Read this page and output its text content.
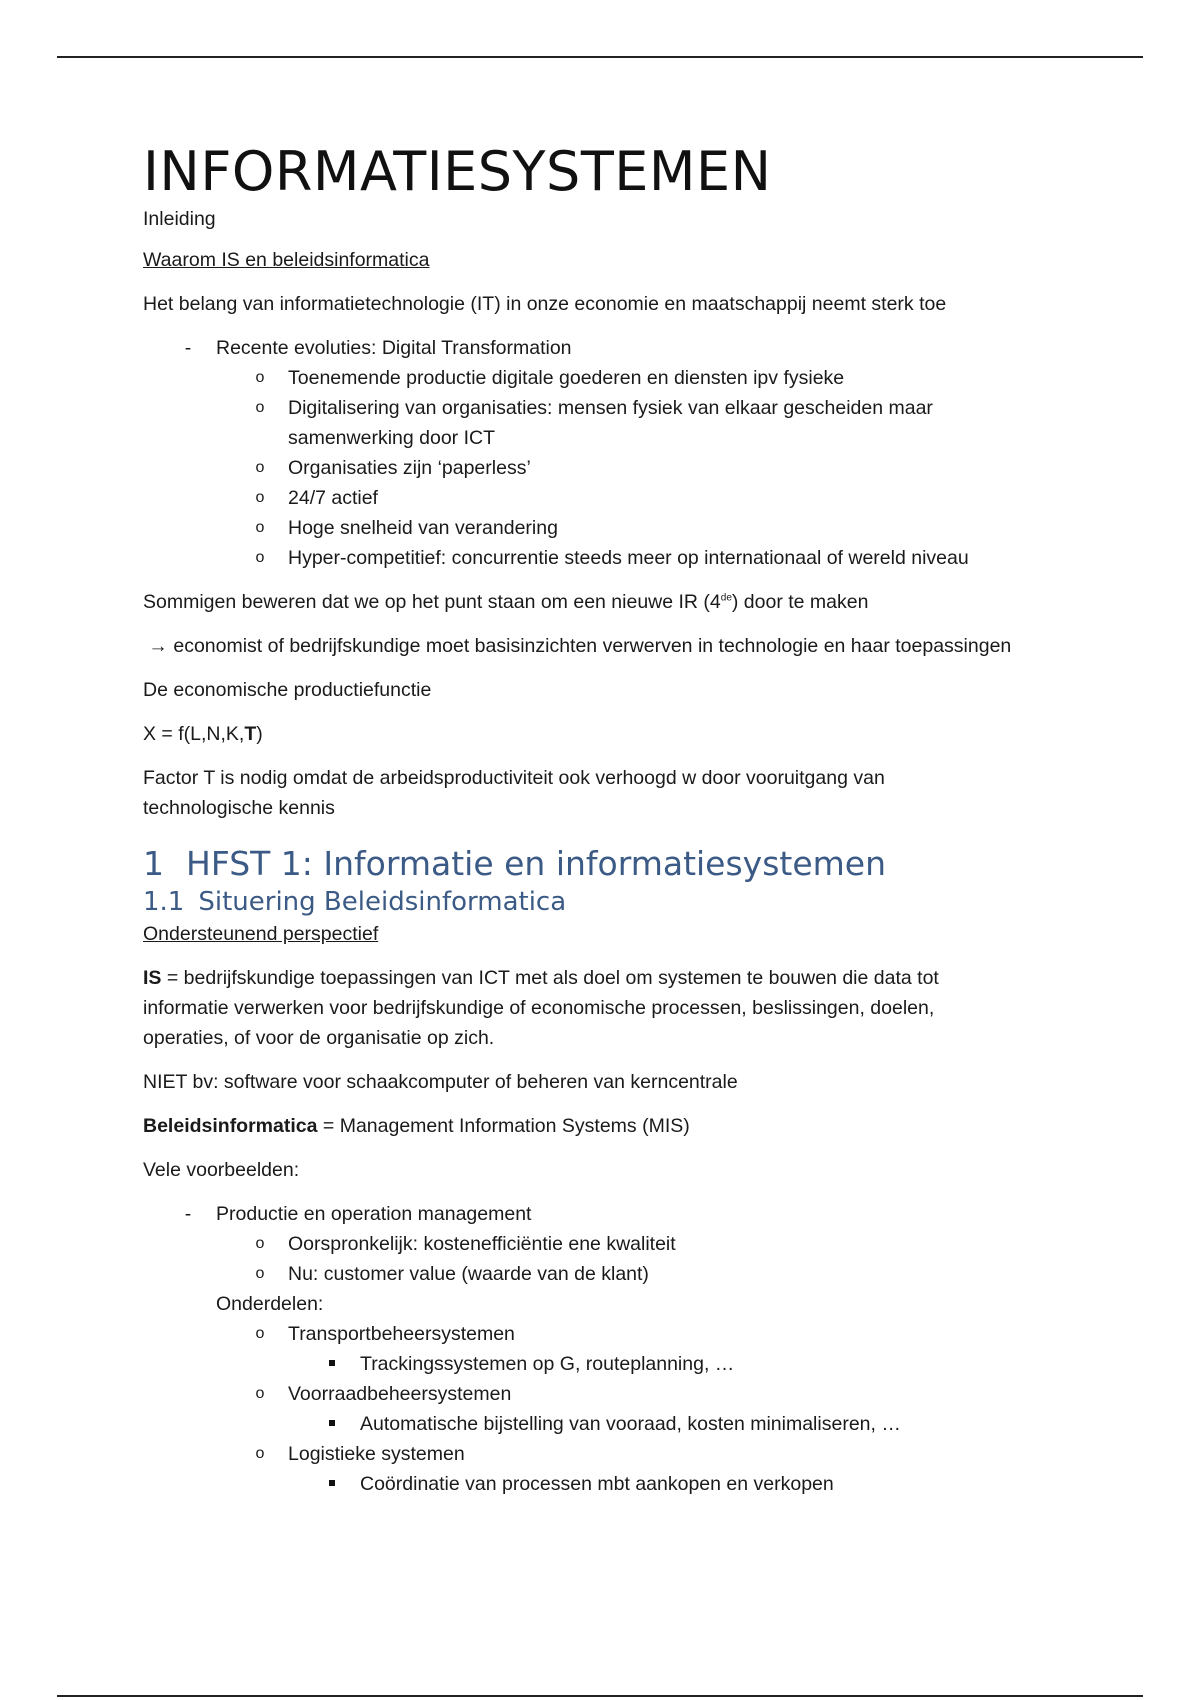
INFORMATIESYSTEMEN

Inleiding

Waarom IS en beleidsinformatica

Het belang van informatietechnologie (IT) in onze economie en maatschappij neemt sterk toe

-	Recente evoluties: Digital Transformation
o Toenemende productie digitale goederen en diensten ipv fysieke
o Digitalisering van organisaties: mensen fysiek van elkaar gescheiden maar samenwerking door ICT
o Organisaties zijn ‘paperless’
o 24/7 actief
o Hoge snelheid van verandering
o Hyper-competitief: concurrentie steeds meer op internationaal of wereld niveau

Sommigen beweren dat we op het punt staan om een nieuwe IR (4de) door te maken

→ economist of bedrijfskundige moet basisinzichten verwerven in technologie en haar toepassingen

De economische productiefunctie

X = f(L,N,K,T)

Factor T is nodig omdat de arbeidsproductiviteit ook verhoogd w door vooruitgang van technologische kennis

1 HFST 1: Informatie en informatiesystemen
1.1 Situering Beleidsinformatica

Ondersteunend perspectief

IS = bedrijfskundige toepassingen van ICT met als doel om systemen te bouwen die data tot informatie verwerken voor bedrijfskundige of economische processen, beslissingen, doelen, operaties, of voor de organisatie op zich.

NIET bv: software voor schaakcomputer of beheren van kerncentrale

Beleidsinformatica = Management Information Systems (MIS)

Vele voorbeelden:

-	Productie en operation management
o Oorspronkelijk: kostenefficiëntie ene kwaliteit
o Nu: customer value (waarde van de klant)
Onderdelen:
o Transportbeheersystemen
Trackingssystemen op G, routeplanning, …
o Voorraadbeheersystemen
Automatische bijstelling van vooraad, kosten minimaliseren, …
o Logistieke systemen
Coördinatie van processen mbt aankopen en verkopen
